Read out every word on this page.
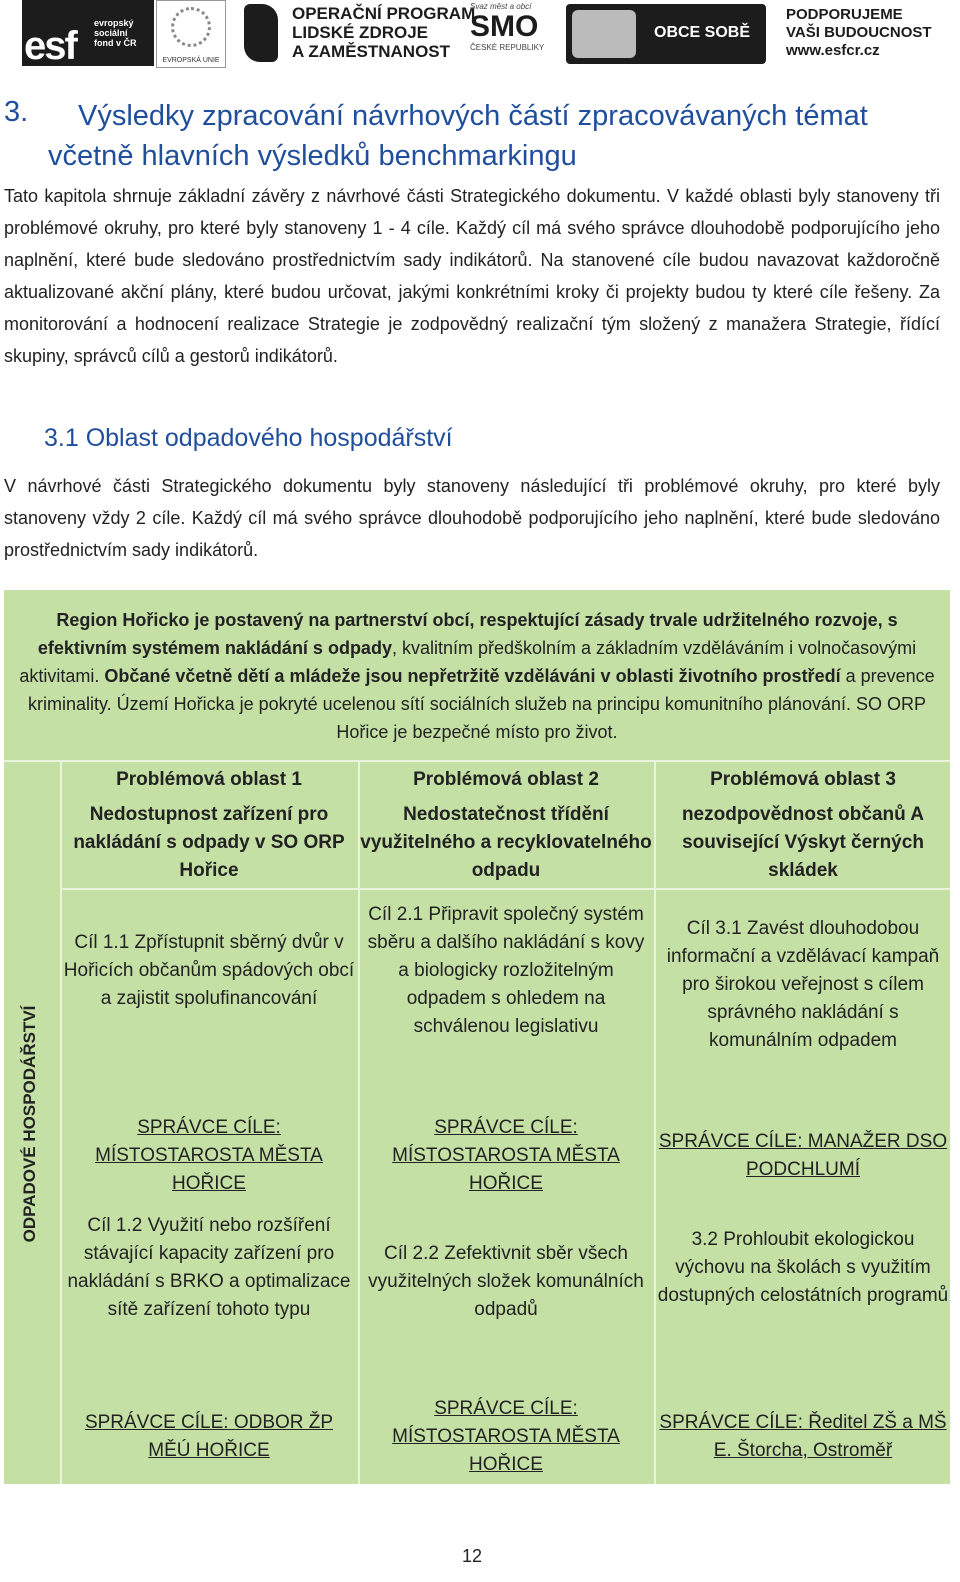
esf
evropský
sociální
fond v ČR
EVROPSKÁ UNIE
OPERAČNÍ PROGRAM
LIDSKÉ ZDROJE
A ZAMĚSTNANOST
Svaz měst a obcí
SMO
ČESKÉ REPUBLIKY
OBCE SOBĚ
PODPORUJEME
VAŠI BUDOUCNOST
www.esfcr.cz
3.	Výsledky zpracování návrhových částí zpracovávaných témat včetně hlavních výsledků benchmarkingu

Tato kapitola shrnuje základní závěry z návrhové části Strategického dokumentu. V každé oblasti byly stanoveny tři problémové okruhy, pro které byly stanoveny 1 - 4 cíle. Každý cíl má svého správce dlouhodobě podporujícího jeho naplnění, které bude sledováno prostřednictvím sady indikátorů. Na stanovené cíle budou navazovat každoročně aktualizované akční plány, které budou určovat, jakými konkrétními kroky či projekty budou ty které cíle řešeny. Za monitorování a hodnocení realizace Strategie je zodpovědný realizační tým složený z manažera Strategie, řídící skupiny, správců cílů a gestorů indikátorů.

3.1 Oblast odpadového hospodářství

V návrhové části Strategického dokumentu byly stanoveny následující tři problémové okruhy, pro které byly stanoveny vždy 2 cíle. Každý cíl má svého správce dlouhodobě podporujícího jeho naplnění, které bude sledováno prostřednictvím sady indikátorů.

Region Hořicko je postavený na partnerství obcí, respektující zásady trvale udržitelného rozvoje, s efektivním systémem nakládání s odpady, kvalitním předškolním a základním vzděláváním i volnočasovými aktivitami. Občané včetně dětí a mládeže jsou nepřetržitě vzděláváni v oblasti životního prostředí a prevence kriminality. Území Hořicka je pokryté ucelenou sítí sociálních služeb na principu komunitního plánování. SO ORP Hořice je bezpečné místo pro život.
ODPADOVÉ HOSPODÁŘSTVÍ
Problémová oblast 1
Nedostupnost zařízení pro nakládání s odpady v SO ORP Hořice
Cíl 1.1 Zpřístupnit sběrný dvůr v Hořicích občanům spádových obcí a zajistit spolufinancování
SPRÁVCE CÍLE: MÍSTOSTAROSTA MĚSTA HOŘICE
Cíl 1.2 Využití nebo rozšíření stávající kapacity zařízení pro nakládání s BRKO a optimalizace sítě zařízení tohoto typu
SPRÁVCE CÍLE: ODBOR ŽP MĚÚ HOŘICE
Problémová oblast 2
Nedostatečnost třídění využitelného a recyklovatelného odpadu
Cíl 2.1 Připravit společný systém sběru a dalšího nakládání s kovy a biologicky rozložitelným odpadem s ohledem na schválenou legislativu
SPRÁVCE CÍLE: MÍSTOSTAROSTA MĚSTA HOŘICE
Cíl 2.2 Zefektivnit sběr všech využitelných složek komunálních odpadů
SPRÁVCE CÍLE: MÍSTOSTAROSTA MĚSTA HOŘICE
Problémová oblast 3
nezodpovědnost občanů A související Výskyt černých skládek
Cíl 3.1 Zavést dlouhodobou informační a vzdělávací kampaň pro širokou veřejnost s cílem správného nakládání s komunálním odpadem
SPRÁVCE CÍLE: MANAŽER DSO PODCHLUMÍ
3.2 Prohloubit ekologickou výchovu na školách s využitím dostupných celostátních programů
SPRÁVCE CÍLE: Ředitel ZŠ a MŠ E. Štorcha, Ostroměř
12
